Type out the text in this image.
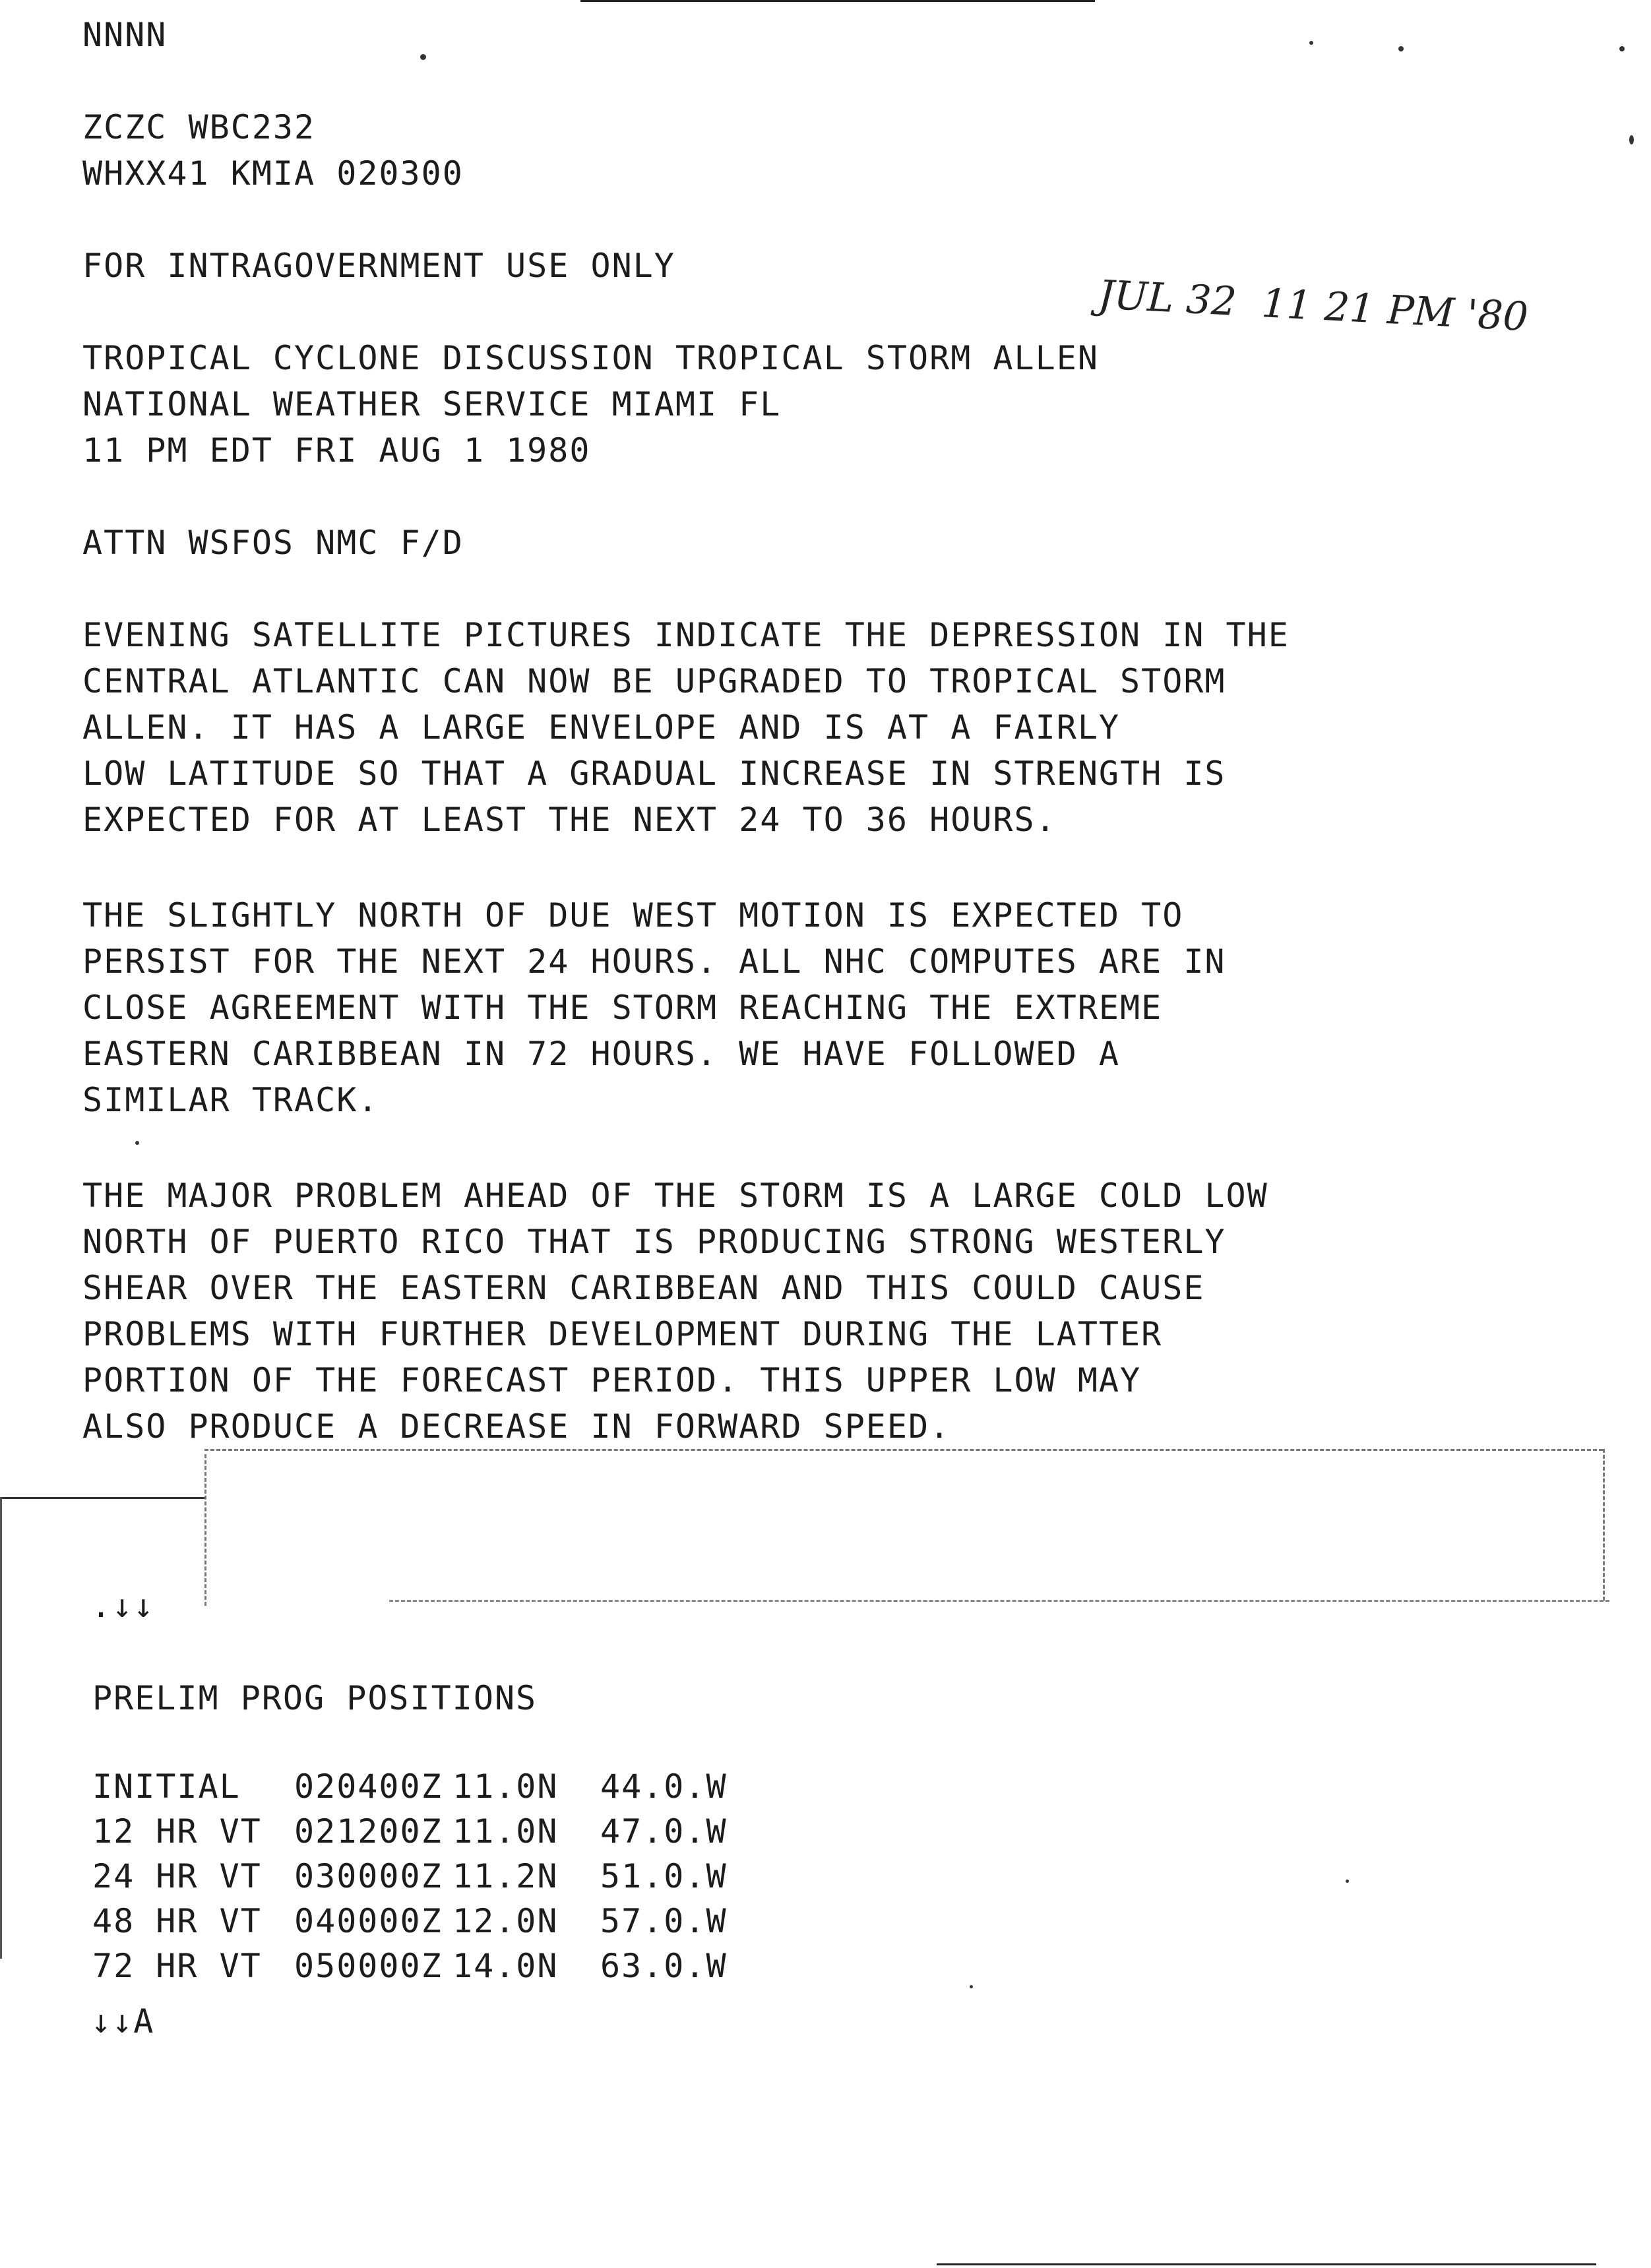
NNNN

ZCZC WBC232

WHXX41 KMIA 020300

FOR INTRAGOVERNMENT USE ONLY

JUL 32  11 21 PM '80

TROPICAL CYCLONE DISCUSSION TROPICAL STORM ALLEN

NATIONAL WEATHER SERVICE MIAMI FL

11 PM EDT FRI AUG 1 1980

ATTN WSFOS NMC F/D

EVENING SATELLITE PICTURES INDICATE THE DEPRESSION IN THE

CENTRAL ATLANTIC CAN NOW BE UPGRADED TO TROPICAL STORM

ALLEN. IT HAS A LARGE ENVELOPE AND IS AT A FAIRLY

LOW LATITUDE SO THAT A GRADUAL INCREASE IN STRENGTH IS

EXPECTED FOR AT LEAST THE NEXT 24 TO 36 HOURS.

THE SLIGHTLY NORTH OF DUE WEST MOTION IS EXPECTED TO

PERSIST FOR THE NEXT 24 HOURS. ALL NHC COMPUTES ARE IN

CLOSE AGREEMENT WITH THE STORM REACHING THE EXTREME

EASTERN CARIBBEAN IN 72 HOURS. WE HAVE FOLLOWED A

SIMILAR TRACK.

THE MAJOR PROBLEM AHEAD OF THE STORM IS A LARGE COLD LOW

NORTH OF PUERTO RICO THAT IS PRODUCING STRONG WESTERLY

SHEAR OVER THE EASTERN CARIBBEAN AND THIS COULD CAUSE

PROBLEMS WITH FURTHER DEVELOPMENT DURING THE LATTER

PORTION OF THE FORECAST PERIOD. THIS UPPER LOW MAY

ALSO PRODUCE A DECREASE IN FORWARD SPEED.

.↓↓

PRELIM PROG POSITIONS

INITIAL 020400Z 11.0N 44.0.W
12 HR VT 021200Z 11.0N 47.0.W
24 HR VT 030000Z 11.2N 51.0.W
48 HR VT 040000Z 12.0N 57.0.W
72 HR VT 050000Z 14.0N 63.0.W

↓↓A
